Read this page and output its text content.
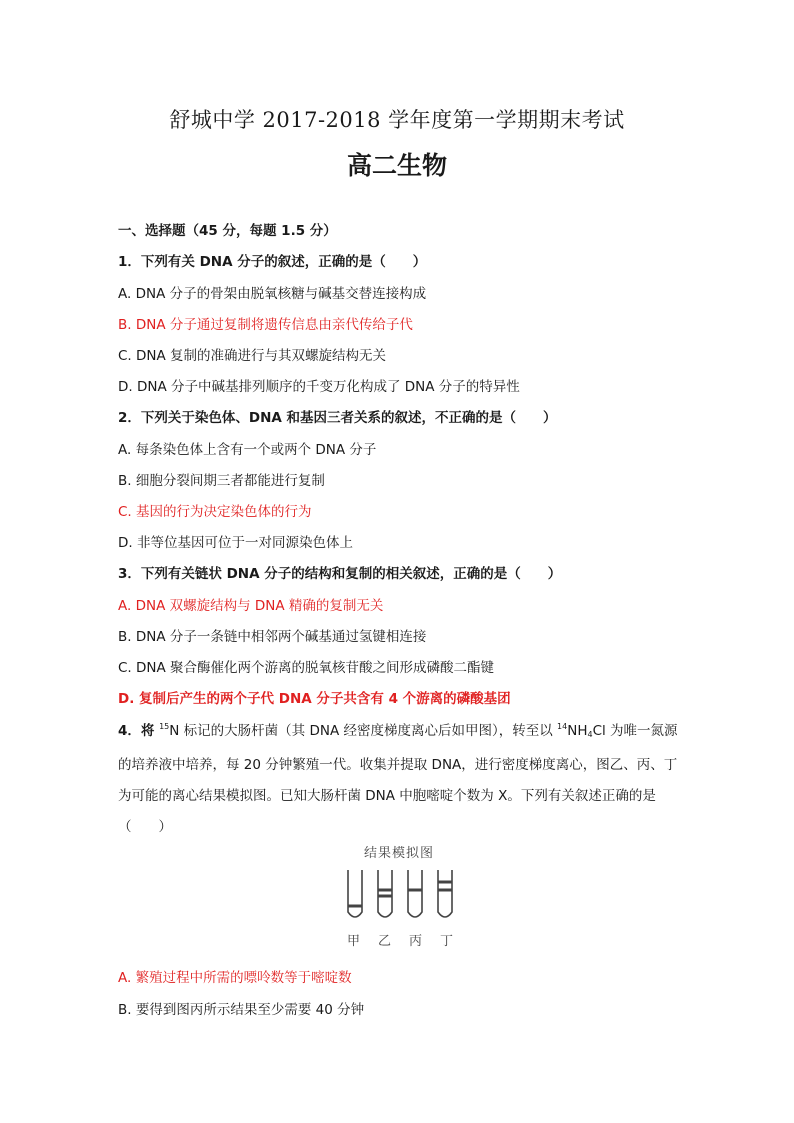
舒城中学 2017-2018 学年度第一学期期末考试
高二生物
一、选择题（45 分，每题 1.5 分）
1．下列有关 DNA 分子的叙述，正确的是（　　）
A. DNA 分子的骨架由脱氧核糖与碱基交替连接构成
B. DNA 分子通过复制将遗传信息由亲代传给子代
C. DNA 复制的准确进行与其双螺旋结构无关
D. DNA 分子中碱基排列顺序的千变万化构成了 DNA 分子的特异性
2．下列关于染色体、DNA 和基因三者关系的叙述，不正确的是（　　）
A. 每条染色体上含有一个或两个 DNA 分子
B. 细胞分裂间期三者都能进行复制
C. 基因的行为决定染色体的行为
D. 非等位基因可位于一对同源染色体上
3．下列有关链状 DNA 分子的结构和复制的相关叙述，正确的是（　　）
A. DNA 双螺旋结构与 DNA 精确的复制无关
B. DNA 分子一条链中相邻两个碱基通过氢键相连接
C. DNA 聚合酶催化两个游离的脱氧核苷酸之间形成磷酸二酯键
D. 复制后产生的两个子代 DNA 分子共含有 4 个游离的磷酸基团
4．将 $^{15}$N 标记的大肠杆菌（其 DNA 经密度梯度离心后如甲图），转至以 $^{14}NH_4Cl$ 为唯一氮源的培养液中培养，每 20 分钟繁殖一代。收集并提取 DNA，进行密度梯度离心，图乙、丙、丁为可能的离心结果模拟图。已知大肠杆菌 DNA 中胞嘧啶个数为 X。下列有关叙述正确的是（　　）
结果模拟图
甲 乙 丙 丁
A. 繁殖过程中所需的嘌呤数等于嘧啶数
B. 要得到图丙所示结果至少需要 40 分钟
